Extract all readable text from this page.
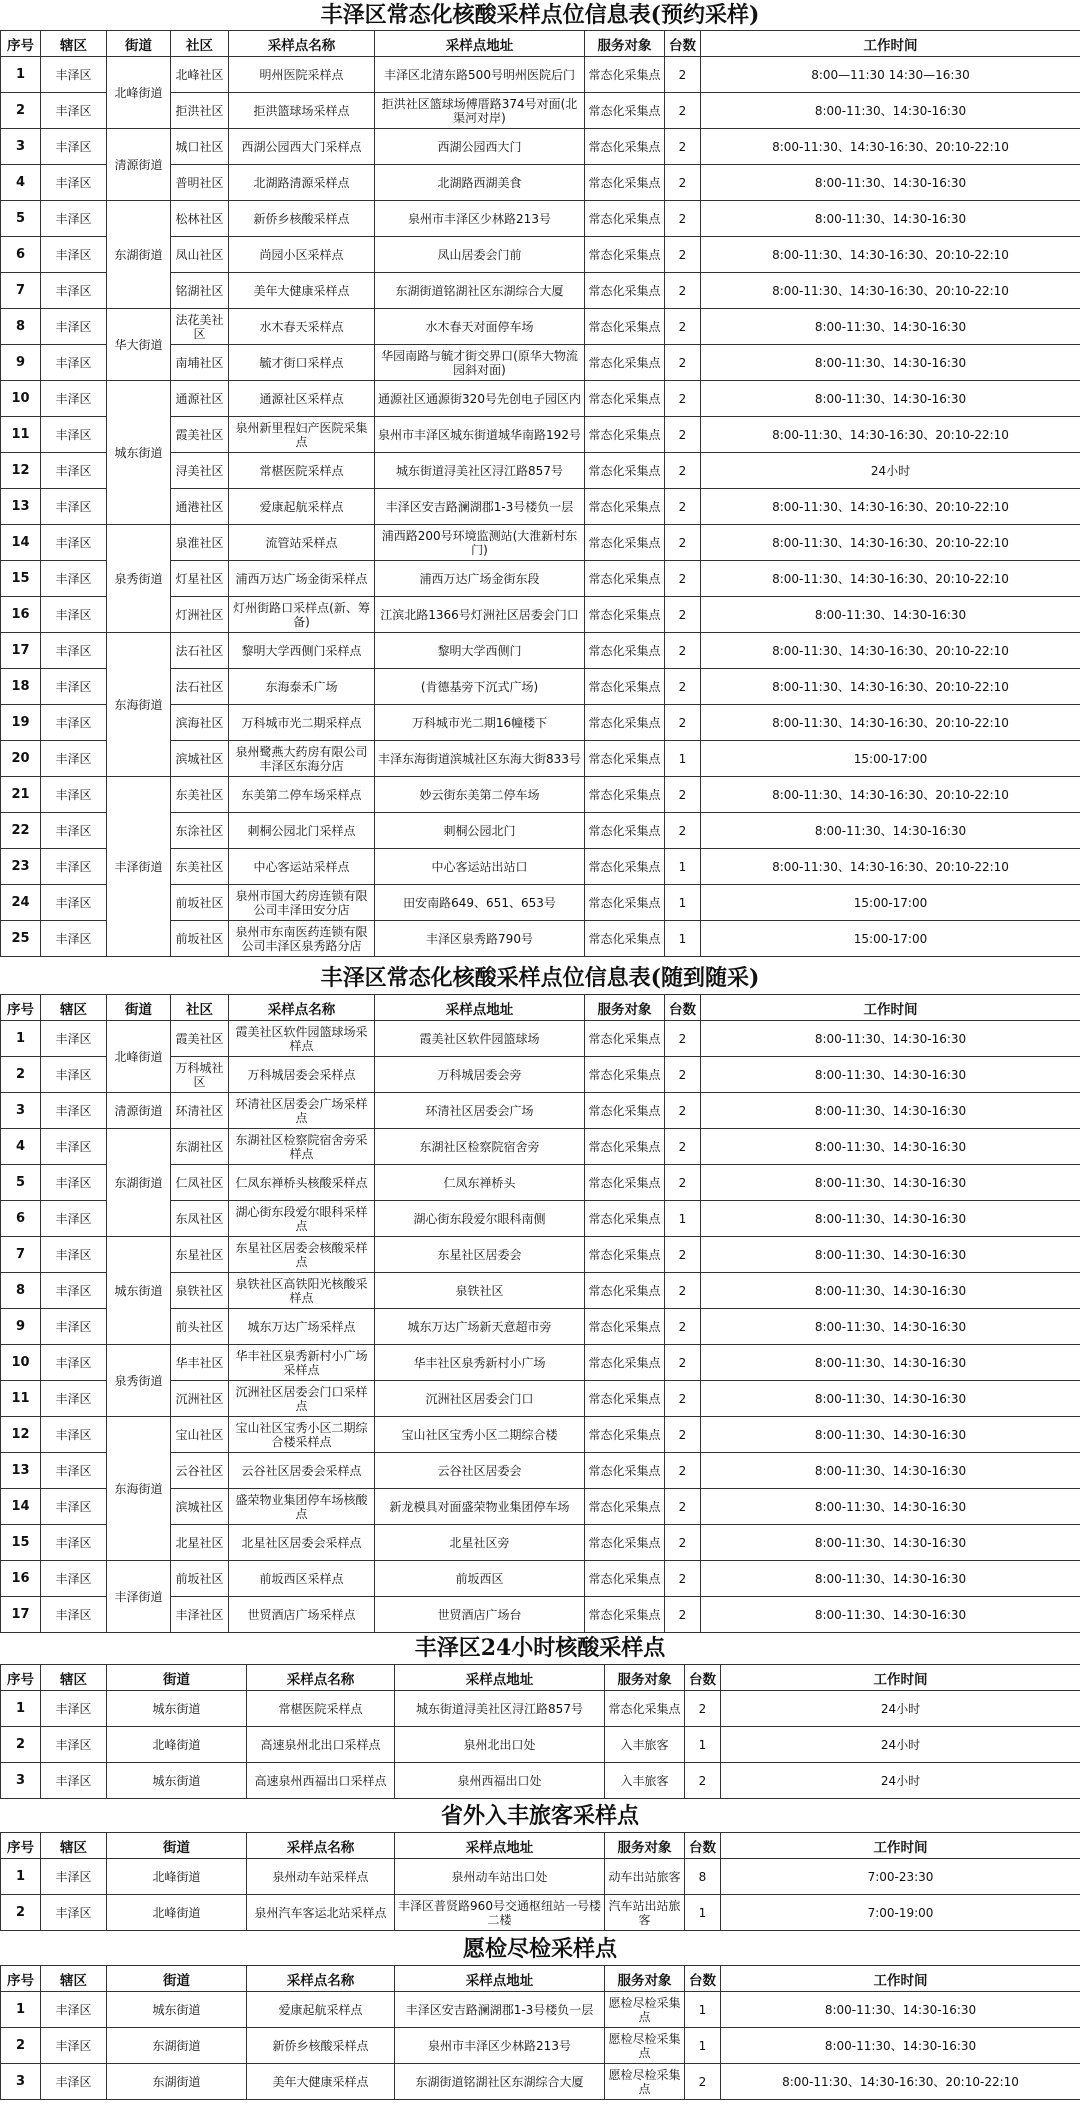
丰泽区常态化核酸采样点位信息表(预约采样)
序号	辖区	街道	社区	采样点名称	采样点地址	服务对象	台数	工作时间
1	丰泽区	北峰街道	北峰社区	明州医院采样点	丰泽区北清东路500号明州医院后门	常态化采集点	2	8:00—11:30 14:30—16:30
2	丰泽区		拒洪社区	拒洪篮球场采样点	拒洪社区篮球场傅厝路374号对面(北渠河对岸)	常态化采集点	2	8:00-11:30、14:30-16:30
3	丰泽区	清源街道	城口社区	西湖公园西大门采样点	西湖公园西大门	常态化采集点	2	8:00-11:30、14:30-16:30、20:10-22:10
4	丰泽区		普明社区	北湖路清源采样点	北湖路西湖美食	常态化采集点	2	8:00-11:30、14:30-16:30
5	丰泽区	东湖街道	松林社区	新侨乡核酸采样点	泉州市丰泽区少林路213号	常态化采集点	2	8:00-11:30、14:30-16:30
6	丰泽区		凤山社区	尚园小区采样点	凤山居委会门前	常态化采集点	2	8:00-11:30、14:30-16:30、20:10-22:10
7	丰泽区		铭湖社区	美年大健康采样点	东湖街道铭湖社区东湖综合大厦	常态化采集点	2	8:00-11:30、14:30-16:30、20:10-22:10
8	丰泽区	华大街道	法花美社区	水木春天采样点	水木春天对面停车场	常态化采集点	2	8:00-11:30、14:30-16:30
9	丰泽区		南埔社区	毓才街口采样点	华园南路与毓才街交界口(原华大物流园斜对面)	常态化采集点	2	8:00-11:30、14:30-16:30
10	丰泽区	城东街道	通源社区	通源社区采样点	通源社区通源街320号先创电子园区内	常态化采集点	2	8:00-11:30、14:30-16:30
11	丰泽区		霞美社区	泉州新里程妇产医院采集点	泉州市丰泽区城东街道城华南路192号	常态化采集点	2	8:00-11:30、14:30-16:30、20:10-22:10
12	丰泽区		浔美社区	常椹医院采样点	城东街道浔美社区浔江路857号	常态化采集点	2	24小时
13	丰泽区		通港社区	爱康起航采样点	丰泽区安吉路澜湖郡1-3号楼负一层	常态化采集点	2	8:00-11:30、14:30-16:30、20:10-22:10
14	丰泽区	泉秀街道	泉淮社区	流管站采样点	浦西路200号环境监测站(大淮新村东门)	常态化采集点	2	8:00-11:30、14:30-16:30、20:10-22:10
15	丰泽区		灯星社区	浦西万达广场金街采样点	浦西万达广场金街东段	常态化采集点	2	8:00-11:30、14:30-16:30、20:10-22:10
16	丰泽区		灯洲社区	灯州街路口采样点(新、筹备)	江滨北路1366号灯洲社区居委会门口	常态化采集点	2	8:00-11:30、14:30-16:30
17	丰泽区	东海街道	法石社区	黎明大学西侧门采样点	黎明大学西侧门	常态化采集点	2	8:00-11:30、14:30-16:30、20:10-22:10
18	丰泽区		法石社区	东海泰禾广场	(肯德基旁下沉式广场)	常态化采集点	2	8:00-11:30、14:30-16:30、20:10-22:10
19	丰泽区		滨海社区	万科城市光二期采样点	万科城市光二期16幢楼下	常态化采集点	2	8:00-11:30、14:30-16:30、20:10-22:10
20	丰泽区		滨城社区	泉州鹭燕大药房有限公司丰泽区东海分店	丰泽东海街道滨城社区东海大街833号	常态化采集点	1	15:00-17:00
21	丰泽区	丰泽街道	东美社区	东美第二停车场采样点	妙云街东美第二停车场	常态化采集点	2	8:00-11:30、14:30-16:30、20:10-22:10
22	丰泽区		东涂社区	刺桐公园北门采样点	刺桐公园北门	常态化采集点	2	8:00-11:30、14:30-16:30
23	丰泽区		东美社区	中心客运站采样点	中心客运站出站口	常态化采集点	1	8:00-11:30、14:30-16:30、20:10-22:10
24	丰泽区		前坂社区	泉州市国大药房连锁有限公司丰泽田安分店	田安南路649、651、653号	常态化采集点	1	15:00-17:00
25	丰泽区		前坂社区	泉州市东南医药连锁有限公司丰泽区泉秀路分店	丰泽区泉秀路790号	常态化采集点	1	15:00-17:00
丰泽区常态化核酸采样点位信息表(随到随采)
序号	辖区	街道	社区	采样点名称	采样点地址	服务对象	台数	工作时间
1	丰泽区	北峰街道	霞美社区	霞美社区软件园篮球场采样点	霞美社区软件园篮球场	常态化采集点	2	8:00-11:30、14:30-16:30
2	丰泽区		万科城社区	万科城居委会采样点	万科城居委会旁	常态化采集点	2	8:00-11:30、14:30-16:30
3	丰泽区	清源街道	环清社区	环清社区居委会广场采样点	环清社区居委会广场	常态化采集点	2	8:00-11:30、14:30-16:30
4	丰泽区	东湖街道	东湖社区	东湖社区检察院宿舍旁采样点	东湖社区检察院宿舍旁	常态化采集点	2	8:00-11:30、14:30-16:30
5	丰泽区		仁凤社区	仁凤东禅桥头核酸采样点	仁凤东禅桥头	常态化采集点	2	8:00-11:30、14:30-16:30
6	丰泽区		东凤社区	湖心街东段爱尔眼科采样点	湖心街东段爱尔眼科南侧	常态化采集点	1	8:00-11:30、14:30-16:30
7	丰泽区	城东街道	东星社区	东星社区居委会核酸采样点	东星社区居委会	常态化采集点	2	8:00-11:30、14:30-16:30
8	丰泽区		泉铁社区	泉铁社区高铁阳光核酸采样点	泉铁社区	常态化采集点	2	8:00-11:30、14:30-16:30
9	丰泽区		前头社区	城东万达广场采样点	城东万达广场新天意超市旁	常态化采集点	2	8:00-11:30、14:30-16:30
10	丰泽区	泉秀街道	华丰社区	华丰社区泉秀新村小广场采样点	华丰社区泉秀新村小广场	常态化采集点	2	8:00-11:30、14:30-16:30
11	丰泽区		沉洲社区	沉洲社区居委会门口采样点	沉洲社区居委会门口	常态化采集点	2	8:00-11:30、14:30-16:30
12	丰泽区	东海街道	宝山社区	宝山社区宝秀小区二期综合楼采样点	宝山社区宝秀小区二期综合楼	常态化采集点	2	8:00-11:30、14:30-16:30
13	丰泽区		云谷社区	云谷社区居委会采样点	云谷社区居委会	常态化采集点	2	8:00-11:30、14:30-16:30
14	丰泽区		滨城社区	盛荣物业集团停车场核酸点	新龙模具对面盛荣物业集团停车场	常态化采集点	2	8:00-11:30、14:30-16:30
15	丰泽区		北星社区	北星社区居委会采样点	北星社区旁	常态化采集点	2	8:00-11:30、14:30-16:30
16	丰泽区	丰泽街道	前坂社区	前坂西区采样点	前坂西区	常态化采集点	2	8:00-11:30、14:30-16:30
17	丰泽区		丰泽社区	世贸酒店广场采样点	世贸酒店广场台	常态化采集点	2	8:00-11:30、14:30-16:30
丰泽区24小时核酸采样点
序号	辖区	街道	采样点名称	采样点地址	服务对象	台数	工作时间
1	丰泽区	城东街道	常椹医院采样点	城东街道浔美社区浔江路857号	常态化采集点	2	24小时
2	丰泽区	北峰街道	高速泉州北出口采样点	泉州北出口处	入丰旅客	1	24小时
3	丰泽区	城东街道	高速泉州西福出口采样点	泉州西福出口处	入丰旅客	2	24小时
省外入丰旅客采样点
序号	辖区	街道	采样点名称	采样点地址	服务对象	台数	工作时间
1	丰泽区	北峰街道	泉州动车站采样点	泉州动车站出口处	动车出站旅客	8	7:00-23:30
2	丰泽区	北峰街道	泉州汽车客运北站采样点	丰泽区普贤路960号交通枢纽站一号楼二楼	汽车站出站旅客	1	7:00-19:00
愿检尽检采样点
序号	辖区	街道	采样点名称	采样点地址	服务对象	台数	工作时间
1	丰泽区	城东街道	爱康起航采样点	丰泽区安吉路澜湖郡1-3号楼负一层	愿检尽检采集点	1	8:00-11:30、14:30-16:30
2	丰泽区	东湖街道	新侨乡核酸采样点	泉州市丰泽区少林路213号	愿检尽检采集点	1	8:00-11:30、14:30-16:30
3	丰泽区	东湖街道	美年大健康采样点	东湖街道铭湖社区东湖综合大厦	愿检尽检采集点	2	8:00-11:30、14:30-16:30、20:10-22:10
